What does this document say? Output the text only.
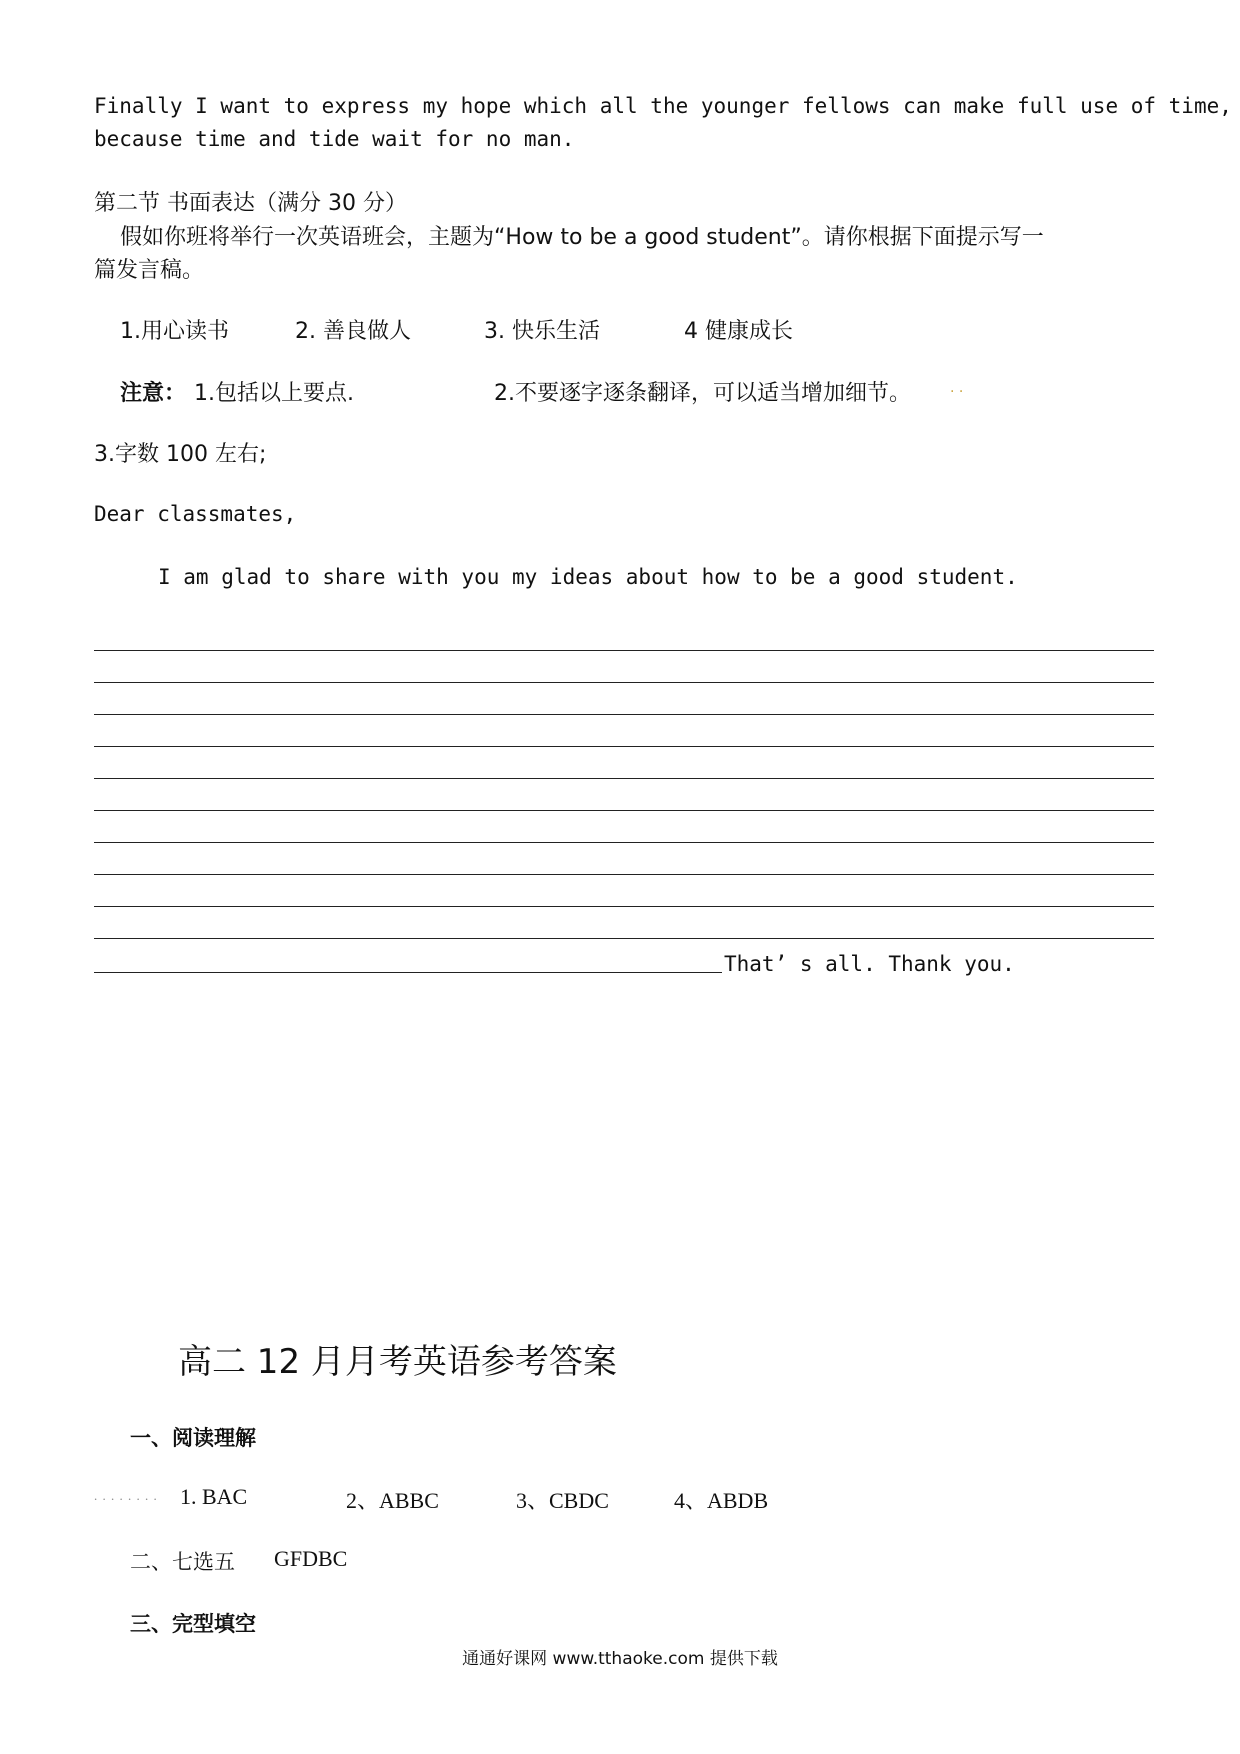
Finally I want to express my hope which all the younger fellows can make full use of time,
because time and tide wait for no man.
第二节 书面表达（满分 30 分）
假如你班将举行一次英语班会，主题为“How to be a good student”。请你根据下面提示写一
篇发言稿。
1.用心读书	2. 善良做人	3. 快乐生活	4 健康成长
注意： 1.包括以上要点.	2.不要逐字逐条翻译，可以适当增加细节。	. .
3.字数 100 左右;
Dear classmates,
I am glad to share with you my ideas about how to be a good student.
That’ s all. Thank you.
高二 12 月月考英语参考答案
一、阅读理解
. . . . . . . . 1. BAC	2、ABBC	3、CBDC	4、ABDB
二、七选五 GFDBC
三、完型填空
通通好课网 www.tthaoke.com 提供下载
